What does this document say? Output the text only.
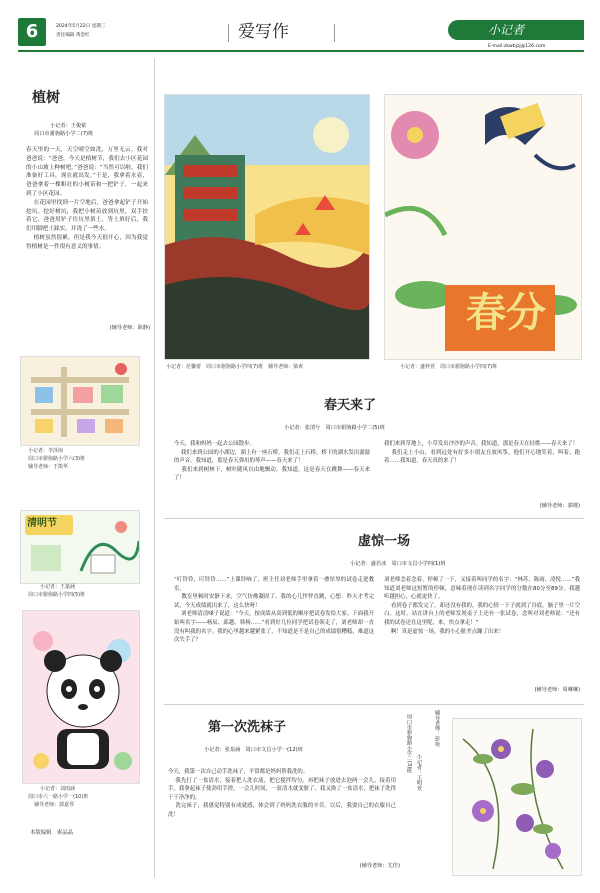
6	2024年5月22日 星期三
责任编辑 黄金红	爱写作	小记者
E-mail:zkwbjzj@126.com
植树
小记者：王俊依
周口市驸驹路小学二(7)班
春天里的一天，天空晴空如洗，万里无云。我对爸爸说：“爸爸，今天是植树节，我们去小区花园的小山坡上种树吧。”爸爸说：“当然可以啦，我们准备好工具，现在就出发。”于是，我拿着水壶，爸爸拿着一棵粗壮的小树苗和一把铲子，一起来到了小区花园。
在花园里找到一片空地后，爸爸拿起铲子开始挖坑。挖好树坑，我把小树苗放到坑里，双手扶着它，爸爸用铲子往坑里填土，等土填好后，我们用脚把土踩实，并浇了一些水。
植树虽然很累，但是我今天很开心，因为我觉得植树是一件很有意义的事情。
(辅导老师：耿静)
小记者：李泽南
周口市驸驹路小学六(3)班
辅导老师：于凯华
清明节
小记者：王嘉涵
周口市驸驹路小学四(5)班
小记者：刘雨涵
周口市六一路小学一(10)班
辅导老师：郭嘉琴
本版编辑　索晶晶
春分
小记者：范馨蕾　周口市驸驹路小学四(7)班　辅导老师：梁爽	小记者：盛梓萱　周口市驸驹路小学四(7)班
春天来了
小记者：张清兮　周口市驸驹路小学二(5)班
今天，我和妈妈一起去公园散步。
我们来到公园的小湖边，湖上有一座石桥。我们走上石桥，桥下的湖水发出潺潺的声音。我知道，那是春天弹出的琴声——春天来了！
我们来到树林下，树叶随风自由地飘动。我知道，这是春天在跳舞——春天来了！
我们来到草地上，小草发出沙沙的声音。我知道，那是春天在轻歌——春天来了！
我们走上小山，看到远处有好多小朋友在放风筝，他们开心地笑着、叫着、跑着……我知道，春天真的来了！
(辅导老师：郭瑾)
虚惊一场
小记者：盛若冰　周口市文昌小学四(1)班
“叮铃铃，叮铃铃……”上课铃响了，班主任刘老师手里拿着一叠厚厚的试卷走进教室。
教室里顿时安静下来，空气仿佛凝固了。我的心儿怦怦直跳，心想：昨天才考完试，今天成绩就出来了，这么快呀！
刘老师清清嗓子说道：“今天，按成绩从高到低的顺序把试卷发给大家。下面我开始叫名字——杨辰、邱越、韩杨……”看到好几位同学把试卷领走了，刘老师却一直没有叫我的名字。我的心里越来越紧张了，不知道是不是自己的成绩很糟糕，难道这次失手了？
刘老师念着念着，停顿了一下，又接着叫同学的名字：“林苏、陈雨、凌悦……”我知道刘老师这短暂的停顿，意味着现在读到名字同学的分数在80分至89分。我越听越担心，心就更快了。
看到卷子都发完了，却还没有我的，我的心情一下子就到了谷底。脑子里一片空白。这时，站在讲台上的老师发现桌子上还有一张试卷，念叫对刘老师说：“还有我的试卷还在这里呢，来，快点拿走！”
啊！真是虚惊一场，我的小心脏差点蹦了出来！
(辅导老师：周琳琳)
第一次洗袜子
小记者：张泉涵　周口市文昌小学一(12)班
今天，我第一次自己动手洗袜子，平常都是妈妈帮我洗的。
我先打了一盆清水，接着把人洗衣液，把它搅拌均匀，再把袜子放进去泡两一会儿。接着用手，我拿起袜子使劲用手搓，一会儿时间，一盆清水就变脏了。我又换了一盆清水，把袜子洗得干干净净的。
洗完袜子，我感觉特别有成就感，体会到了妈妈洗衣服的辛苦。以后，我要自己的衣服自己洗！
(辅导老师：尤佳)
周口市驸驹路小学二(3)班 小记者：王明萱
辅导老师：彭艳
